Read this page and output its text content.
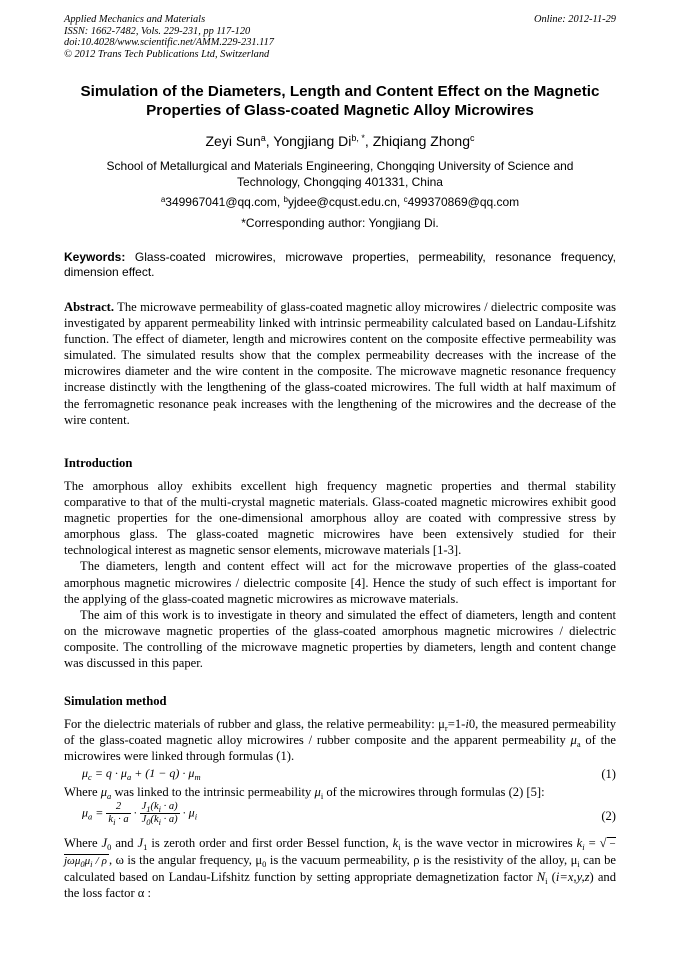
Applied Mechanics and Materials
ISSN: 1662-7482, Vols. 229-231, pp 117-120
doi:10.4028/www.scientific.net/AMM.229-231.117
© 2012 Trans Tech Publications Ltd, Switzerland
Online: 2012-11-29
Simulation of the Diameters, Length and Content Effect on the Magnetic
Properties of Glass-coated Magnetic Alloy Microwires
Zeyi Sun$^a$, Yongjiang $Di^{b, *}$, Zhiqiang Zhong$^c$
School of Metallurgical and Materials Engineering, Chongqing University of Science and
Technology, Chongqing 401331, China
$^a$349967041@qq.com, $^b$yjdee@cqust.edu.cn, $^c$499370869@qq.com
*Corresponding author: Yongjiang Di.
Keywords: Glass-coated microwires, microwave properties, permeability, resonance frequency, dimension effect.
Abstract. The microwave permeability of glass-coated magnetic alloy microwires / dielectric composite was investigated by apparent permeability linked with intrinsic permeability calculated based on Landau-Lifshitz function. The effect of diameter, length and microwires content on the composite effective permeability was simulated. The simulated results show that the complex permeability decreases with the increase of the microwires diameter and the wire content in the composite. The microwave magnetic resonance frequency increase distinctly with the lengthening of the glass-coated microwires. The full width at half maximum of the ferromagnetic resonance peak increases with the lengthening of the microwires and the decrease of the wire content.
Introduction

The amorphous alloy exhibits excellent high frequency magnetic properties and thermal stability comparative to that of the multi-crystal magnetic materials. Glass-coated magnetic microwires exhibit good magnetic properties for the one-dimensional amorphous alloy are coated with compressive stress by amorphous glass. The glass-coated magnetic microwires have been extensively studied for their technological interest as magnetic sensor elements, microwave materials [1-3].

The diameters, length and content effect will act for the microwave properties of the glass-coated amorphous magnetic microwires / dielectric composite [4]. Hence the study of such effect is important for the applying of the glass-coated magnetic microwires as microwave materials.

The aim of this work is to investigate in theory and simulated the effect of diameters, length and content on the microwave magnetic properties of the glass-coated amorphous magnetic microwires / dielectric composite. The controlling of the microwave magnetic properties by diameters, length and content change was discussed in this paper.

Simulation method
For the dielectric materials of rubber and glass, the relative permeability: $\mu_r=1-i0$, the measured permeability of the glass-coated magnetic alloy microwires / rubber composite and the apparent permeability $\mu_a$ of the microwires were linked through formulas (1).
$\mu_c = q \cdot \mu_a + (1 - q) \cdot \mu_m$	(1)
Where $\mu_a$ was linked to the intrinsic permeability $\mu_i$ of the microwires through formulas (2) [5]:
$\mu_a = \frac{2}{k_i \cdot a} \cdot \frac{J_1(k_i \cdot a)}{J_0(k_i \cdot a)} \cdot \mu_i$	(2)
Where $J_0$ and $J_1$ is zeroth order and first order Bessel function, $k_i$ is the wave vector in microwires $k_i$ = √ − $j\omega\mu_0\mu_i$ / ρ , ω is the angular frequency, $\mu_0$ is the vacuum permeability, ρ is the resistivity of the alloy, $\mu_i$ can be calculated based on Landau-Lifshitz function by setting appropriate demagnetization factor $N_i$ (i=x,y,z) and the loss factor α :
